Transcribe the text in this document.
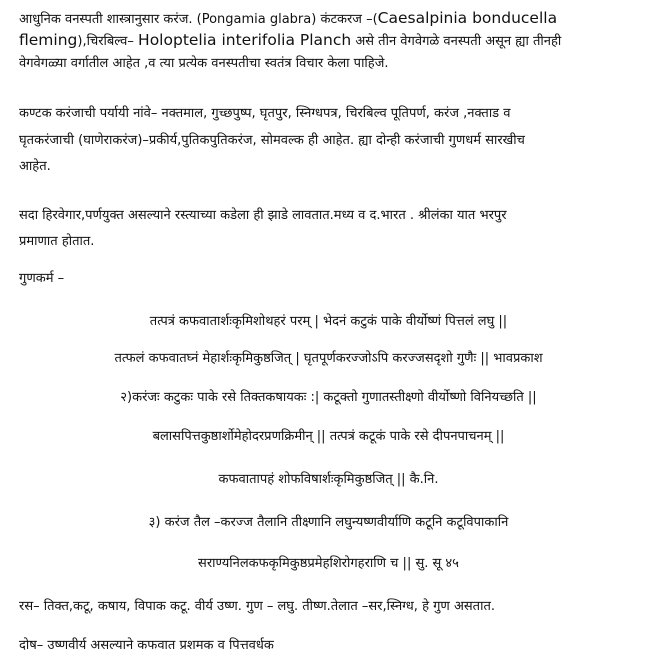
आधुनिक वनस्पती शास्त्रानुसार करंज. (Pongamia glabra) कंटकरज –(Caesalpinia bonducella
fleming),चिरबिल्व– Holoptelia interifolia Planch असे तीन वेगवेगळे वनस्पती असून ह्या तीनही
वेगवेगळ्या वर्गातील आहेत ,व त्या प्रत्येक वनस्पतीचा स्वतंत्र विचार केला पाहिजे.
कण्टक करंजाची पर्यायी नांवे– नक्तमाल, गुच्छपुष्प, घृतपुर, स्निग्धपत्र, चिरबिल्व पूतिपर्ण, करंज ,नक्ताड व
घृतकरंजाची (घाणेराकरंज)–प्रकीर्य,पुतिकपुतिकरंज, सोमवल्क ही आहेत. ह्या दोन्ही करंजाची गुणधर्म सारखीच
आहेत.
सदा हिरवेगार,पर्णयुक्त असल्याने रस्त्याच्या कडेला ही झाडे लावतात.मध्य व द.भारत . श्रीलंका यात भरपुर
प्रमाणात होतात.
गुणकर्म –
तत्पत्रं कफवातार्शःकृमिशोथहरं परम् | भेदनं कटुकं पाके वीर्योष्णं पित्तलं लघु ||
तत्फलं कफवातघ्नं मेहार्शःकृमिकुष्ठजित् | घृतपूर्णकरज्जोऽपि करज्जसदृशो गुणैः || भावप्रकाश
२)करंजः कटुकः पाके रसे तिक्तकषायकः :| कटूक्तो गुणातस्तीक्ष्णो वीर्योष्णो विनियच्छति ||
बलासपित्तकुष्ठार्शोमेहोदरप्रणक्रिमीन् || तत्पत्रं कटूकं पाके रसे दीपनपाचनम् ||
कफवातापहं शोफविषार्शःकृमिकुष्ठजित् || कै.नि.
३) करंज तैल –करज्ज तैलानि तीक्ष्णानि लघुन्यष्णवीर्याणि कटूनि कटूविपाकानि
सराण्यनिलकफकृमिकुष्ठप्रमेहशिरोगहराणि च || सु. सू ४५
रस– तिक्त,कटू, कषाय, विपाक कटू. वीर्य उष्ण. गुण – लघु. तीष्ण.तेलात –सर,स्निग्ध, हे गुण असतात.
दोष– उष्णवीर्य असल्याने कफवात प्रशमक व पित्तवर्धक
